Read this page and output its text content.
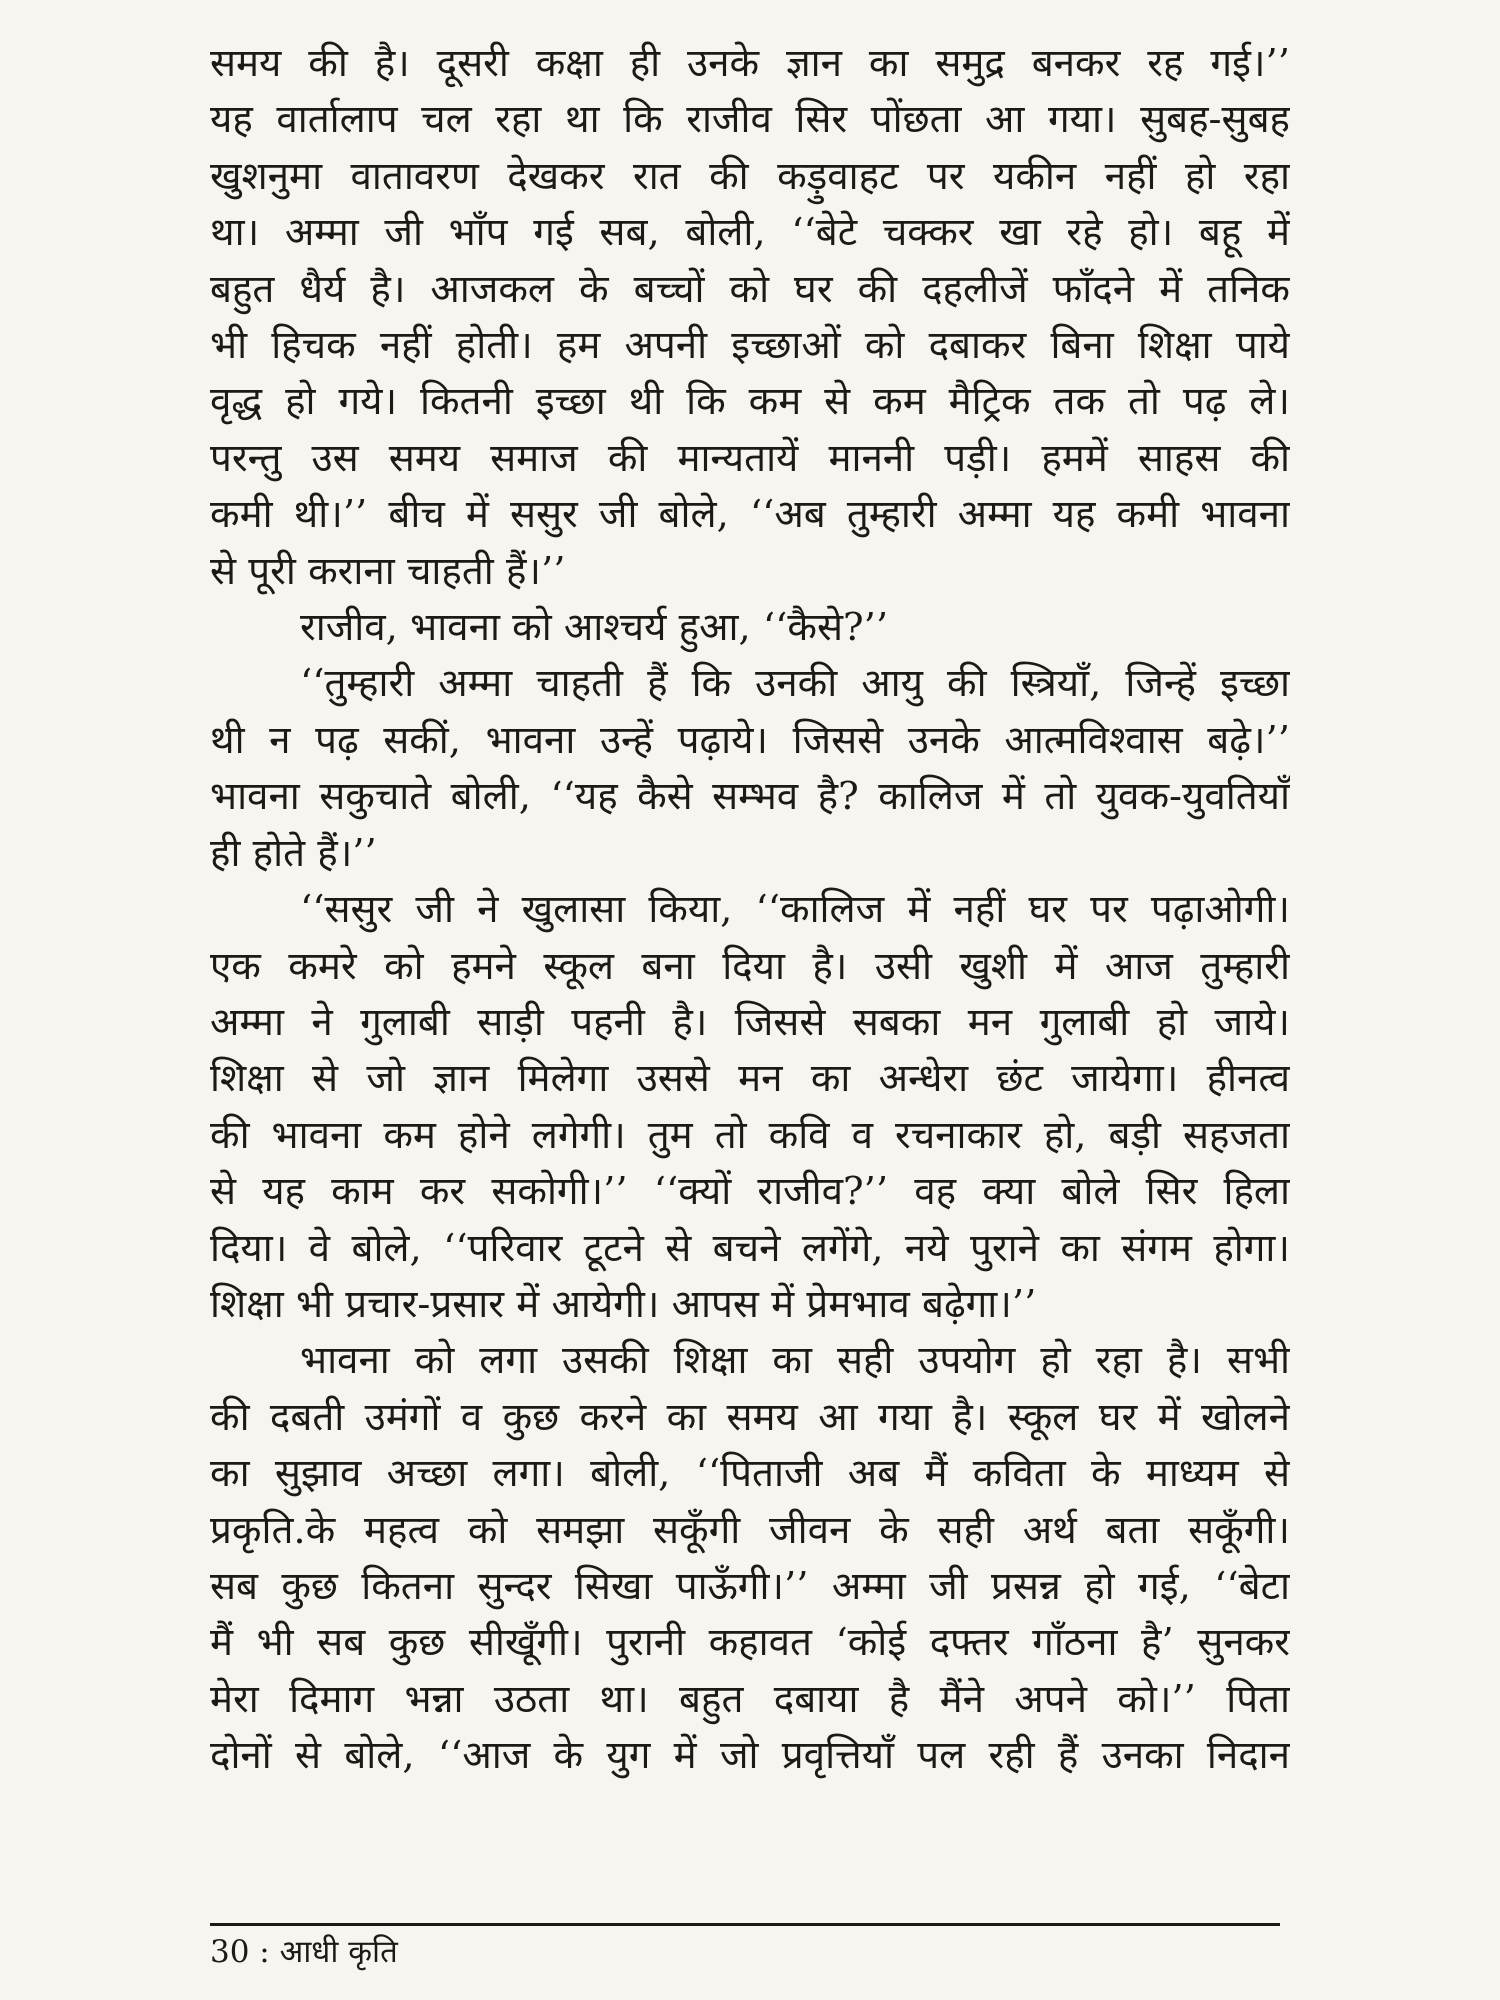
समय की है। दूसरी कक्षा ही उनके ज्ञान का समुद्र बनकर रह गई।’’
यह वार्तालाप चल रहा था कि राजीव सिर पोंछता आ गया। सुबह-सुबह
खुशनुमा वातावरण देखकर रात की कड़ुवाहट पर यकीन नहीं हो रहा
था। अम्मा जी भाँप गई सब, बोली, ‘‘बेटे चक्कर खा रहे हो। बहू में
बहुत धैर्य है। आजकल के बच्चों को घर की दहलीजें फाँदने में तनिक
भी हिचक नहीं होती। हम अपनी इच्छाओं को दबाकर बिना शिक्षा पाये
वृद्ध हो गये। कितनी इच्छा थी कि कम से कम मैट्रिक तक तो पढ़ ले।
परन्तु उस समय समाज की मान्यतायें माननी पड़ी। हममें साहस की
कमी थी।’’ बीच में ससुर जी बोले, ‘‘अब तुम्हारी अम्मा यह कमी भावना
से पूरी कराना चाहती हैं।’’
राजीव, भावना को आश्चर्य हुआ, ‘‘कैसे?’’
‘‘तुम्हारी अम्मा चाहती हैं कि उनकी आयु की स्त्रियाँ, जिन्हें इच्छा
थी न पढ़ सकीं, भावना उन्हें पढ़ाये। जिससे उनके आत्मविश्वास बढ़े।’’
भावना सकुचाते बोली, ‘‘यह कैसे सम्भव है? कालिज में तो युवक-युवतियाँ
ही होते हैं।’’
‘‘ससुर जी ने खुलासा किया, ‘‘कालिज में नहीं घर पर पढ़ाओगी।
एक कमरे को हमने स्कूल बना दिया है। उसी खुशी में आज तुम्हारी
अम्मा ने गुलाबी साड़ी पहनी है। जिससे सबका मन गुलाबी हो जाये।
शिक्षा से जो ज्ञान मिलेगा उससे मन का अन्धेरा छंट जायेगा। हीनत्व
की भावना कम होने लगेगी। तुम तो कवि व रचनाकार हो, बड़ी सहजता
से यह काम कर सकोगी।’’ ‘‘क्यों राजीव?’’ वह क्या बोले सिर हिला
दिया। वे बोले, ‘‘परिवार टूटने से बचने लगेंगे, नये पुराने का संगम होगा।
शिक्षा भी प्रचार-प्रसार में आयेगी। आपस में प्रेमभाव बढ़ेगा।’’
भावना को लगा उसकी शिक्षा का सही उपयोग हो रहा है। सभी
की दबती उमंगों व कुछ करने का समय आ गया है। स्कूल घर में खोलने
का सुझाव अच्छा लगा। बोली, ‘‘पिताजी अब मैं कविता के माध्यम से
प्रकृति.के महत्व को समझा सकूँगी जीवन के सही अर्थ बता सकूँगी।
सब कुछ कितना सुन्दर सिखा पाऊँगी।’’ अम्मा जी प्रसन्न हो गई, ‘‘बेटा
मैं भी सब कुछ सीखूँगी। पुरानी कहावत ‘कोई दफ्तर गाँठना है’ सुनकर
मेरा दिमाग भन्ना उठता था। बहुत दबाया है मैंने अपने को।’’ पिता
दोनों से बोले, ‘‘आज के युग में जो प्रवृत्तियाँ पल रही हैं उनका निदान
30 : आधी कृति
